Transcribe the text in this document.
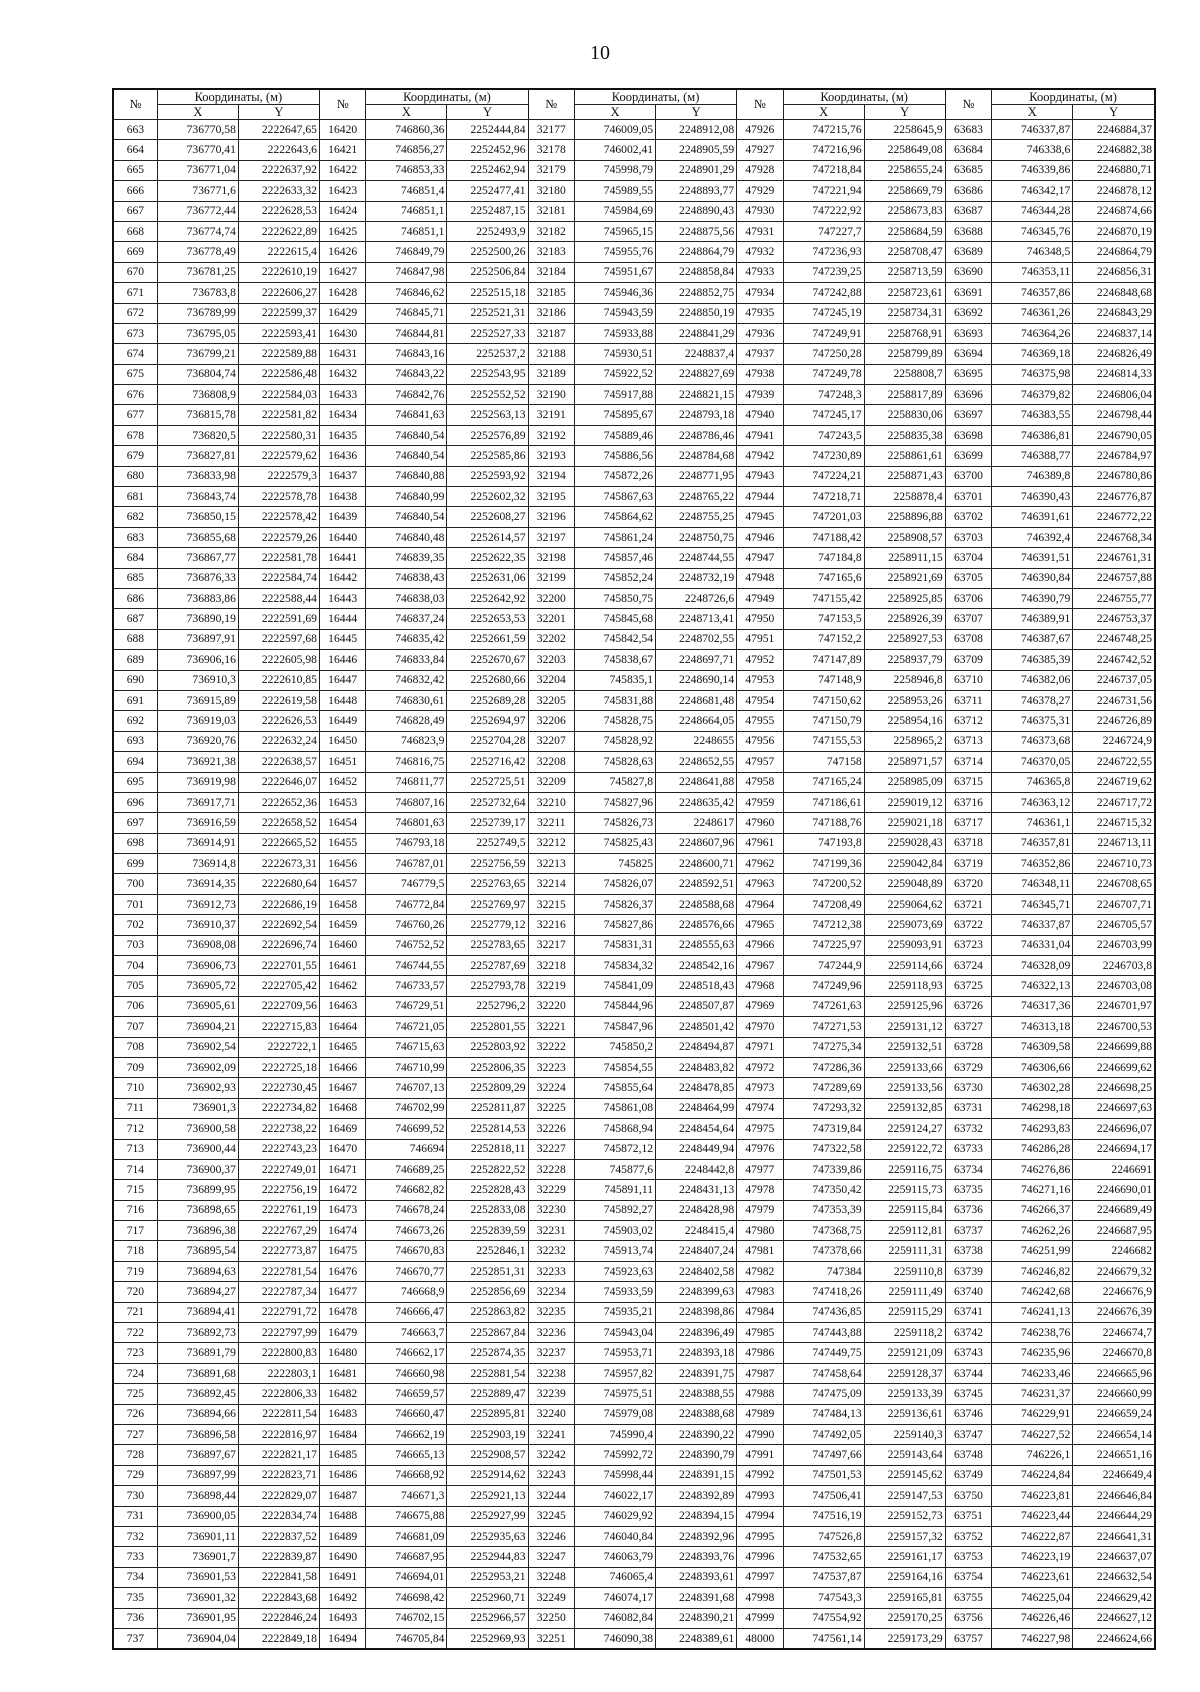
10
№	Координаты, (м)		№	Координаты, (м)		№	Координаты, (м)		№	Координаты, (м)		№	Координаты, (м)	
	X	Y		X	Y		X	Y		X	Y		X	Y
663	736770,58	2222647,65	16420	746860,36	2252444,84	32177	746009,05	2248912,08	47926	747215,76	2258645,9	63683	746337,87	2246884,37
664	736770,41	2222643,6	16421	746856,27	2252452,96	32178	746002,41	2248905,59	47927	747216,96	2258649,08	63684	746338,6	2246882,38
665	736771,04	2222637,92	16422	746853,33	2252462,94	32179	745998,79	2248901,29	47928	747218,84	2258655,24	63685	746339,86	2246880,71
666	736771,6	2222633,32	16423	746851,4	2252477,41	32180	745989,55	2248893,77	47929	747221,94	2258669,79	63686	746342,17	2246878,12
667	736772,44	2222628,53	16424	746851,1	2252487,15	32181	745984,69	2248890,43	47930	747222,92	2258673,83	63687	746344,28	2246874,66
668	736774,74	2222622,89	16425	746851,1	2252493,9	32182	745965,15	2248875,56	47931	747227,7	2258684,59	63688	746345,76	2246870,19
669	736778,49	2222615,4	16426	746849,79	2252500,26	32183	745955,76	2248864,79	47932	747236,93	2258708,47	63689	746348,5	2246864,79
670	736781,25	2222610,19	16427	746847,98	2252506,84	32184	745951,67	2248858,84	47933	747239,25	2258713,59	63690	746353,11	2246856,31
671	736783,8	2222606,27	16428	746846,62	2252515,18	32185	745946,36	2248852,75	47934	747242,88	2258723,61	63691	746357,86	2246848,68
672	736789,99	2222599,37	16429	746845,71	2252521,31	32186	745943,59	2248850,19	47935	747245,19	2258734,31	63692	746361,26	2246843,29
673	736795,05	2222593,41	16430	746844,81	2252527,33	32187	745933,88	2248841,29	47936	747249,91	2258768,91	63693	746364,26	2246837,14
674	736799,21	2222589,88	16431	746843,16	2252537,2	32188	745930,51	2248837,4	47937	747250,28	2258799,89	63694	746369,18	2246826,49
675	736804,74	2222586,48	16432	746843,22	2252543,95	32189	745922,52	2248827,69	47938	747249,78	2258808,7	63695	746375,98	2246814,33
676	736808,9	2222584,03	16433	746842,76	2252552,52	32190	745917,88	2248821,15	47939	747248,3	2258817,89	63696	746379,82	2246806,04
677	736815,78	2222581,82	16434	746841,63	2252563,13	32191	745895,67	2248793,18	47940	747245,17	2258830,06	63697	746383,55	2246798,44
678	736820,5	2222580,31	16435	746840,54	2252576,89	32192	745889,46	2248786,46	47941	747243,5	2258835,38	63698	746386,81	2246790,05
679	736827,81	2222579,62	16436	746840,54	2252585,86	32193	745886,56	2248784,68	47942	747230,89	2258861,61	63699	746388,77	2246784,97
680	736833,98	2222579,3	16437	746840,88	2252593,92	32194	745872,26	2248771,95	47943	747224,21	2258871,43	63700	746389,8	2246780,86
681	736843,74	2222578,78	16438	746840,99	2252602,32	32195	745867,63	2248765,22	47944	747218,71	2258878,4	63701	746390,43	2246776,87
682	736850,15	2222578,42	16439	746840,54	2252608,27	32196	745864,62	2248755,25	47945	747201,03	2258896,88	63702	746391,61	2246772,22
683	736855,68	2222579,26	16440	746840,48	2252614,57	32197	745861,24	2248750,75	47946	747188,42	2258908,57	63703	746392,4	2246768,34
684	736867,77	2222581,78	16441	746839,35	2252622,35	32198	745857,46	2248744,55	47947	747184,8	2258911,15	63704	746391,51	2246761,31
685	736876,33	2222584,74	16442	746838,43	2252631,06	32199	745852,24	2248732,19	47948	747165,6	2258921,69	63705	746390,84	2246757,88
686	736883,86	2222588,44	16443	746838,03	2252642,92	32200	745850,75	2248726,6	47949	747155,42	2258925,85	63706	746390,79	2246755,77
687	736890,19	2222591,69	16444	746837,24	2252653,53	32201	745845,68	2248713,41	47950	747153,5	2258926,39	63707	746389,91	2246753,37
688	736897,91	2222597,68	16445	746835,42	2252661,59	32202	745842,54	2248702,55	47951	747152,2	2258927,53	63708	746387,67	2246748,25
689	736906,16	2222605,98	16446	746833,84	2252670,67	32203	745838,67	2248697,71	47952	747147,89	2258937,79	63709	746385,39	2246742,52
690	736910,3	2222610,85	16447	746832,42	2252680,66	32204	745835,1	2248690,14	47953	747148,9	2258946,8	63710	746382,06	2246737,05
691	736915,89	2222619,58	16448	746830,61	2252689,28	32205	745831,88	2248681,48	47954	747150,62	2258953,26	63711	746378,27	2246731,56
692	736919,03	2222626,53	16449	746828,49	2252694,97	32206	745828,75	2248664,05	47955	747150,79	2258954,16	63712	746375,31	2246726,89
693	736920,76	2222632,24	16450	746823,9	2252704,28	32207	745828,92	2248655	47956	747155,53	2258965,2	63713	746373,68	2246724,9
694	736921,38	2222638,57	16451	746816,75	2252716,42	32208	745828,63	2248652,55	47957	747158	2258971,57	63714	746370,05	2246722,55
695	736919,98	2222646,07	16452	746811,77	2252725,51	32209	745827,8	2248641,88	47958	747165,24	2258985,09	63715	746365,8	2246719,62
696	736917,71	2222652,36	16453	746807,16	2252732,64	32210	745827,96	2248635,42	47959	747186,61	2259019,12	63716	746363,12	2246717,72
697	736916,59	2222658,52	16454	746801,63	2252739,17	32211	745826,73	2248617	47960	747188,76	2259021,18	63717	746361,1	2246715,32
698	736914,91	2222665,52	16455	746793,18	2252749,5	32212	745825,43	2248607,96	47961	747193,8	2259028,43	63718	746357,81	2246713,11
699	736914,8	2222673,31	16456	746787,01	2252756,59	32213	745825	2248600,71	47962	747199,36	2259042,84	63719	746352,86	2246710,73
700	736914,35	2222680,64	16457	746779,5	2252763,65	32214	745826,07	2248592,51	47963	747200,52	2259048,89	63720	746348,11	2246708,65
701	736912,73	2222686,19	16458	746772,84	2252769,97	32215	745826,37	2248588,68	47964	747208,49	2259064,62	63721	746345,71	2246707,71
702	736910,37	2222692,54	16459	746760,26	2252779,12	32216	745827,86	2248576,66	47965	747212,38	2259073,69	63722	746337,87	2246705,57
703	736908,08	2222696,74	16460	746752,52	2252783,65	32217	745831,31	2248555,63	47966	747225,97	2259093,91	63723	746331,04	2246703,99
704	736906,73	2222701,55	16461	746744,55	2252787,69	32218	745834,32	2248542,16	47967	747244,9	2259114,66	63724	746328,09	2246703,8
705	736905,72	2222705,42	16462	746733,57	2252793,78	32219	745841,09	2248518,43	47968	747249,96	2259118,93	63725	746322,13	2246703,08
706	736905,61	2222709,56	16463	746729,51	2252796,2	32220	745844,96	2248507,87	47969	747261,63	2259125,96	63726	746317,36	2246701,97
707	736904,21	2222715,83	16464	746721,05	2252801,55	32221	745847,96	2248501,42	47970	747271,53	2259131,12	63727	746313,18	2246700,53
708	736902,54	2222722,1	16465	746715,63	2252803,92	32222	745850,2	2248494,87	47971	747275,34	2259132,51	63728	746309,58	2246699,88
709	736902,09	2222725,18	16466	746710,99	2252806,35	32223	745854,55	2248483,82	47972	747286,36	2259133,66	63729	746306,66	2246699,62
710	736902,93	2222730,45	16467	746707,13	2252809,29	32224	745855,64	2248478,85	47973	747289,69	2259133,56	63730	746302,28	2246698,25
711	736901,3	2222734,82	16468	746702,99	2252811,87	32225	745861,08	2248464,99	47974	747293,32	2259132,85	63731	746298,18	2246697,63
712	736900,58	2222738,22	16469	746699,52	2252814,53	32226	745868,94	2248454,64	47975	747319,84	2259124,27	63732	746293,83	2246696,07
713	736900,44	2222743,23	16470	746694	2252818,11	32227	745872,12	2248449,94	47976	747322,58	2259122,72	63733	746286,28	2246694,17
714	736900,37	2222749,01	16471	746689,25	2252822,52	32228	745877,6	2248442,8	47977	747339,86	2259116,75	63734	746276,86	2246691
715	736899,95	2222756,19	16472	746682,82	2252828,43	32229	745891,11	2248431,13	47978	747350,42	2259115,73	63735	746271,16	2246690,01
716	736898,65	2222761,19	16473	746678,24	2252833,08	32230	745892,27	2248428,98	47979	747353,39	2259115,84	63736	746266,37	2246689,49
717	736896,38	2222767,29	16474	746673,26	2252839,59	32231	745903,02	2248415,4	47980	747368,75	2259112,81	63737	746262,26	2246687,95
718	736895,54	2222773,87	16475	746670,83	2252846,1	32232	745913,74	2248407,24	47981	747378,66	2259111,31	63738	746251,99	2246682
719	736894,63	2222781,54	16476	746670,77	2252851,31	32233	745923,63	2248402,58	47982	747384	2259110,8	63739	746246,82	2246679,32
720	736894,27	2222787,34	16477	746668,9	2252856,69	32234	745933,59	2248399,63	47983	747418,26	2259111,49	63740	746242,68	2246676,9
721	736894,41	2222791,72	16478	746666,47	2252863,82	32235	745935,21	2248398,86	47984	747436,85	2259115,29	63741	746241,13	2246676,39
722	736892,73	2222797,99	16479	746663,7	2252867,84	32236	745943,04	2248396,49	47985	747443,88	2259118,2	63742	746238,76	2246674,7
723	736891,79	2222800,83	16480	746662,17	2252874,35	32237	745953,71	2248393,18	47986	747449,75	2259121,09	63743	746235,96	2246670,8
724	736891,68	2222803,1	16481	746660,98	2252881,54	32238	745957,82	2248391,75	47987	747458,64	2259128,37	63744	746233,46	2246665,96
725	736892,45	2222806,33	16482	746659,57	2252889,47	32239	745975,51	2248388,55	47988	747475,09	2259133,39	63745	746231,37	2246660,99
726	736894,66	2222811,54	16483	746660,47	2252895,81	32240	745979,08	2248388,68	47989	747484,13	2259136,61	63746	746229,91	2246659,24
727	736896,58	2222816,97	16484	746662,19	2252903,19	32241	745990,4	2248390,22	47990	747492,05	2259140,3	63747	746227,52	2246654,14
728	736897,67	2222821,17	16485	746665,13	2252908,57	32242	745992,72	2248390,79	47991	747497,66	2259143,64	63748	746226,1	2246651,16
729	736897,99	2222823,71	16486	746668,92	2252914,62	32243	745998,44	2248391,15	47992	747501,53	2259145,62	63749	746224,84	2246649,4
730	736898,44	2222829,07	16487	746671,3	2252921,13	32244	746022,17	2248392,89	47993	747506,41	2259147,53	63750	746223,81	2246646,84
731	736900,05	2222834,74	16488	746675,88	2252927,99	32245	746029,92	2248394,15	47994	747516,19	2259152,73	63751	746223,44	2246644,29
732	736901,11	2222837,52	16489	746681,09	2252935,63	32246	746040,84	2248392,96	47995	747526,8	2259157,32	63752	746222,87	2246641,31
733	736901,7	2222839,87	16490	746687,95	2252944,83	32247	746063,79	2248393,76	47996	747532,65	2259161,17	63753	746223,19	2246637,07
734	736901,53	2222841,58	16491	746694,01	2252953,21	32248	746065,4	2248393,61	47997	747537,87	2259164,16	63754	746223,61	2246632,54
735	736901,32	2222843,68	16492	746698,42	2252960,71	32249	746074,17	2248391,68	47998	747543,3	2259165,81	63755	746225,04	2246629,42
736	736901,95	2222846,24	16493	746702,15	2252966,57	32250	746082,84	2248390,21	47999	747554,92	2259170,25	63756	746226,46	2246627,12
737	736904,04	2222849,18	16494	746705,84	2252969,93	32251	746090,38	2248389,61	48000	747561,14	2259173,29	63757	746227,98	2246624,66
